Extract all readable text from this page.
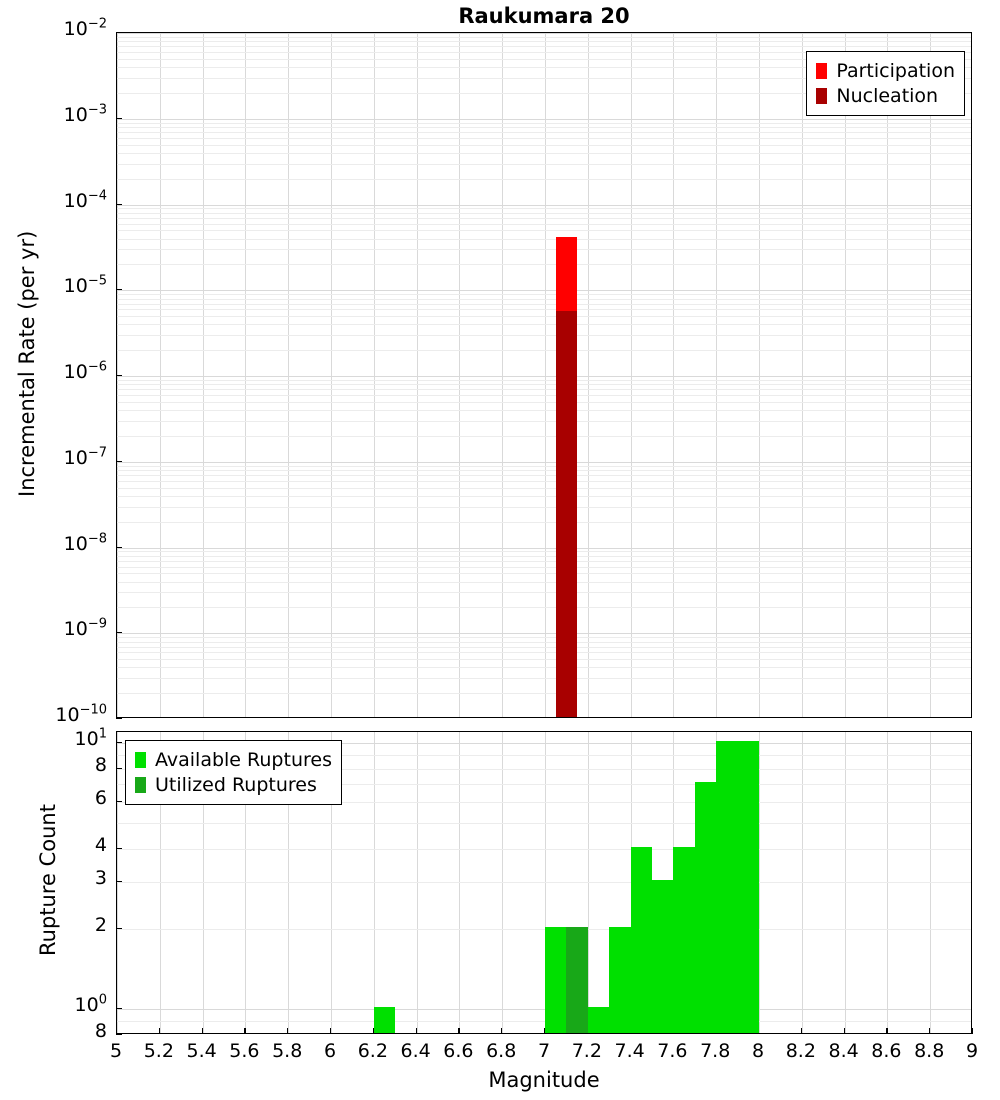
Raukumara 20
Participation
Nucleation
Incremental Rate (per yr)
$10^{-2}$
$10^{-3}$
$10^{-4}$
$10^{-5}$
$10^{-6}$
$10^{-7}$
$10^{-8}$
$10^{-9}$
$10^{-10}$
Available Ruptures
Utilized Ruptures
Rupture Count
$10^1$
8
6
4
3
2
$10^0$
8
5	5.2 5.4 5.6 5.8	6	6.2 6.4 6.6 6.8	7	7.2 7.4 7.6 7.8	8	8.2 8.4 8.6 8.8	9
Magnitude
